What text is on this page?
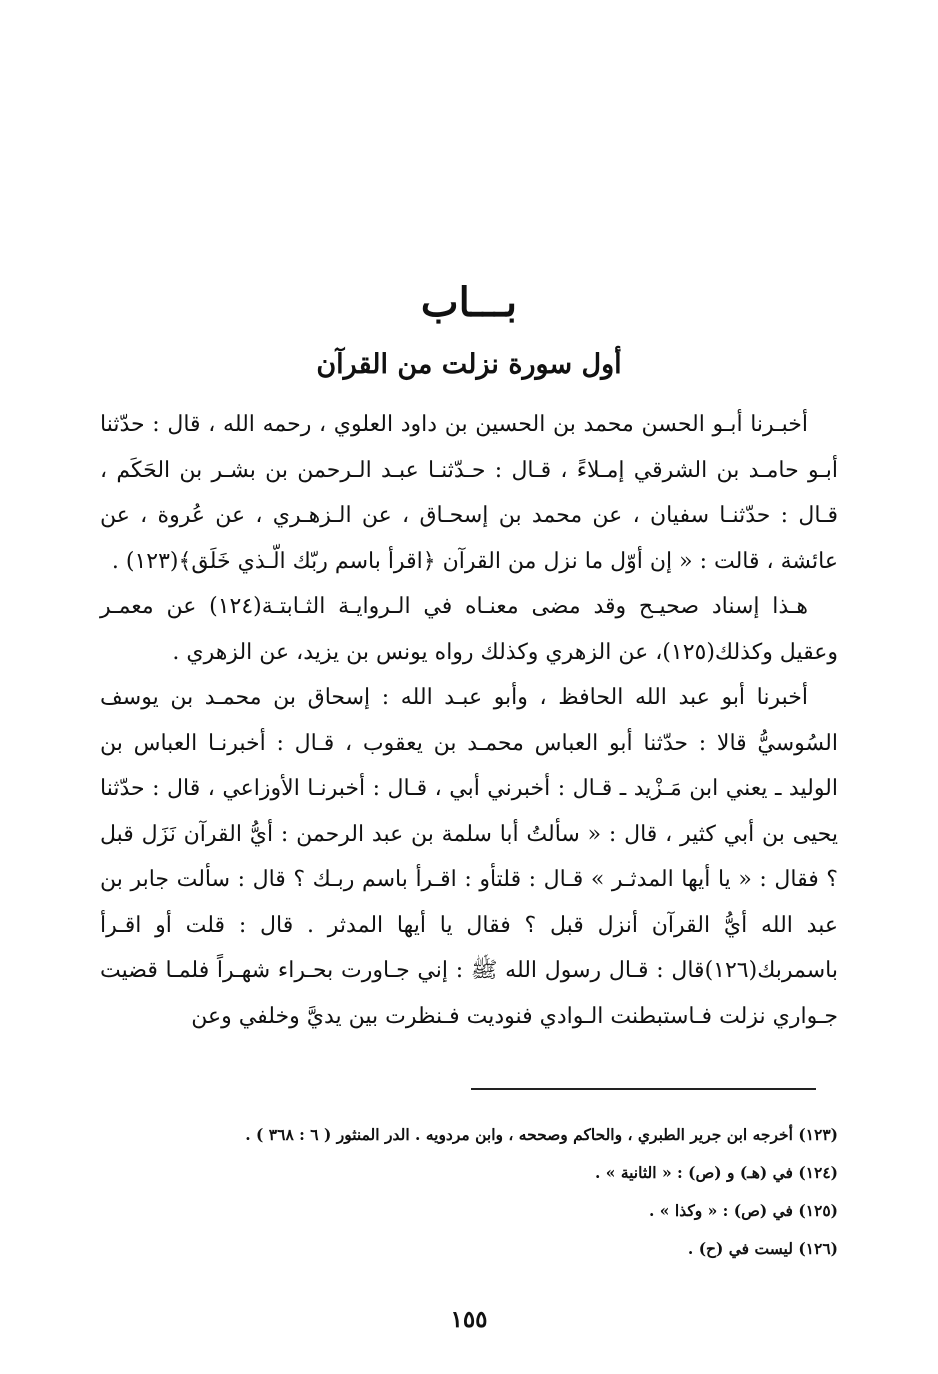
بـــاب
أول سورة نزلت من القرآن

أخبـرنا أبـو الحسن محمد بن الحسين بن داود العلوي ، رحمه الله ، قال : حدّثنا أبـو حامـد بن الشرقي إمـلاءً ، قـال : حـدّثنـا عبـد الـرحمن بن بشـر بن الحَكَم ، قـال : حدّثنـا سفيان ، عن محمد بن إسحـاق ، عن الـزهـري ، عن عُروة ، عن عائشة ، قالت : « إن أوّل ما نزل من القرآن ﴿اقرأ باسم ربّك الّـذي خَلَق﴾(١٢٣) .

هـذا إسناد صحيـح وقد مضى معنـاه في الـروايـة الثـابتـة(١٢٤) عن معمـر وعقيل وكذلك(١٢٥)، عن الزهري وكذلك رواه يونس بن يزيد، عن الزهري .

أخبرنا أبو عبد الله الحافظ ، وأبو عبـد الله : إسحاق بن محمـد بن يوسف السُوسيُّ قالا : حدّثنا أبو العباس محمـد بن يعقوب ، قـال : أخبرنـا العباس بن الوليد ـ يعني ابن مَـزْيد ـ قـال : أخبرني أبي ، قـال : أخبرنـا الأوزاعي ، قال : حدّثنا يحيى بن أبي كثير ، قال : « سألتُ أبا سلمة بن عبد الرحمن : أيُّ القرآن نَزَل قبل ؟ فقال : « يا أيها المدثـر » قـال : قلتأو : اقـرأ باسم ربـك ؟ قال : سألت جابر بن عبد الله أيُّ القرآن أنزل قبل ؟ فقال يا أيها المدثر . قال : قلت أو اقـرأ باسمربك(١٢٦)قال : قـال رسول الله ﷺ : إني جـاورت بحـراء شهـراً فلمـا قضيت جـواري نزلت فـاستبطنت الـوادي فنوديت فـنظرت بين يديَّ وخلفي وعن

(١٢٣) أخرجه ابن جرير الطبري ، والحاكم وصححه ، وابن مردويه . الدر المنثور ( ٦ : ٣٦٨ ) .

(١٢٤) في (هـ) و (ص) : « الثانية » .

(١٢٥) في (ص) : « وكذا » .

(١٢٦) ليست في (ح) .

١٥٥
